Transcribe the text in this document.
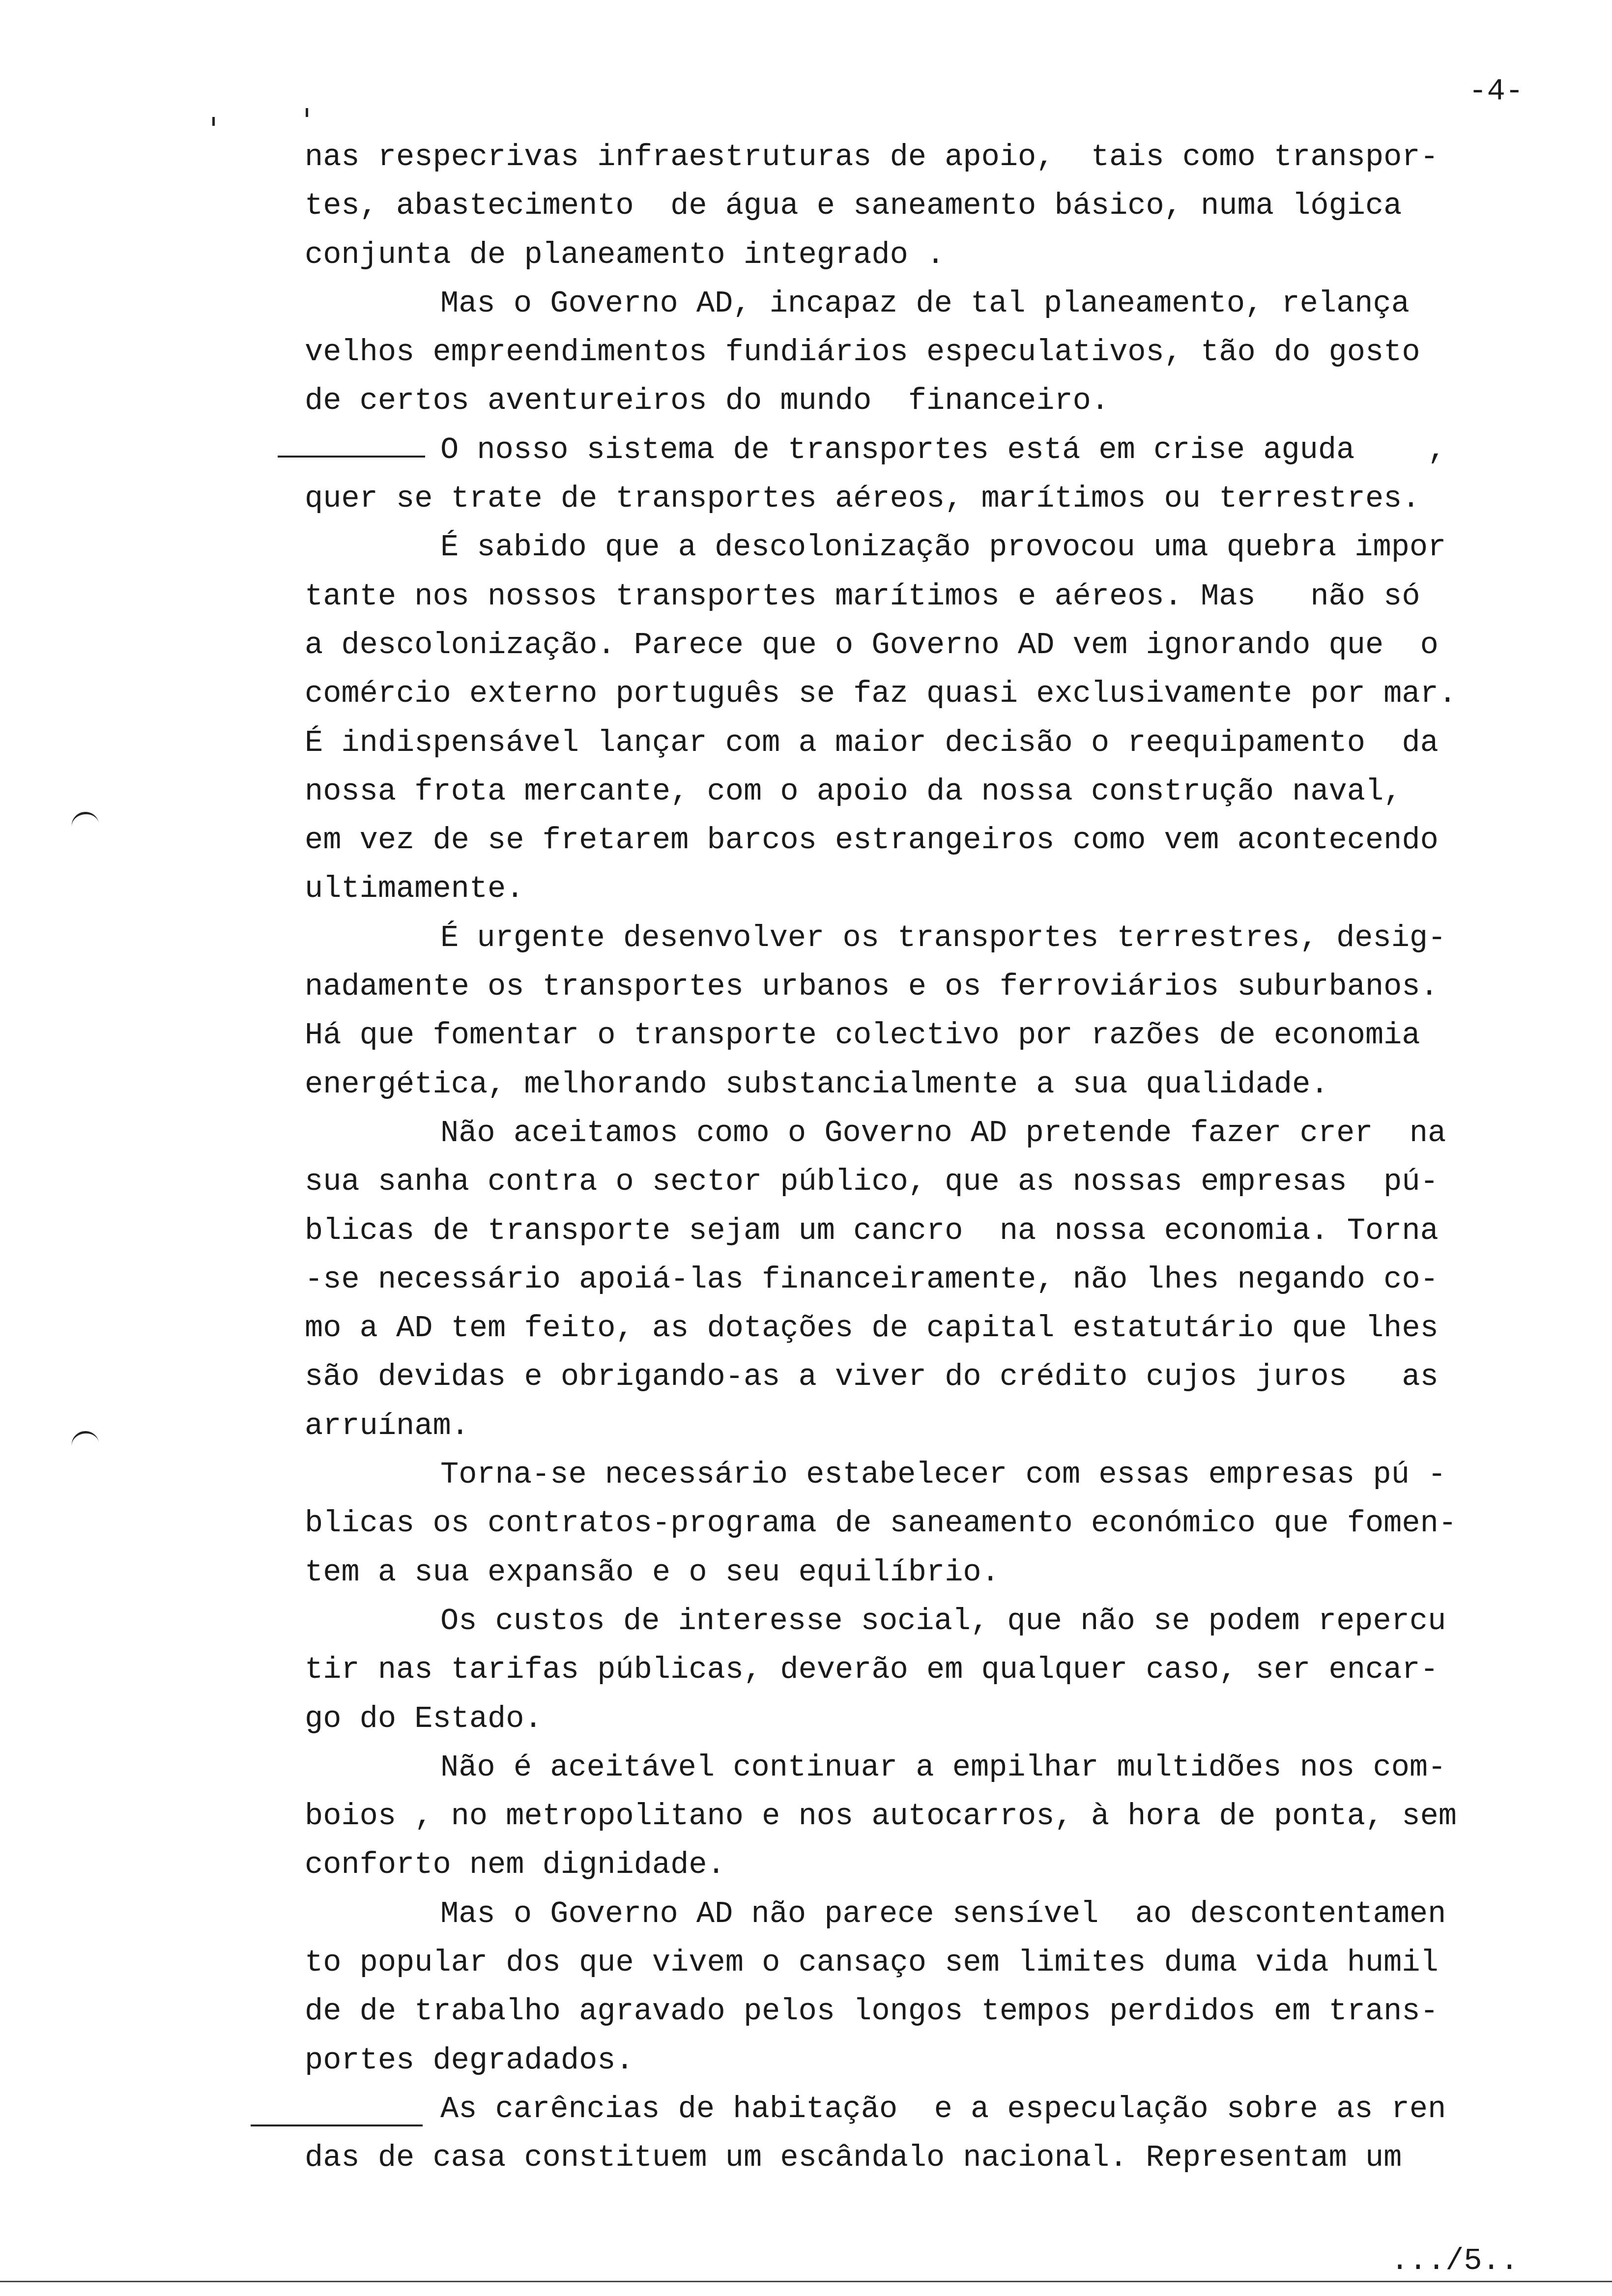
-4-
nas respecrivas infraestruturas de apoio,  tais como transpor-
tes, abastecimento  de água e saneamento básico, numa lógica
conjunta de planeamento integrado .
Mas o Governo AD, incapaz de tal planeamento, relança
velhos empreendimentos fundiários especulativos, tão do gosto
de certos aventureiros do mundo  financeiro.
O nosso sistema de transportes está em crise aguda    ,
quer se trate de transportes aéreos, marítimos ou terrestres.
É sabido que a descolonização provocou uma quebra impor
tante nos nossos transportes marítimos e aéreos. Mas   não só
a descolonização. Parece que o Governo AD vem ignorando que  o
comércio externo português se faz quasi exclusivamente por mar.
É indispensável lançar com a maior decisão o reequipamento  da
nossa frota mercante, com o apoio da nossa construção naval,
em vez de se fretarem barcos estrangeiros como vem acontecendo
ultimamente.
É urgente desenvolver os transportes terrestres, desig-
nadamente os transportes urbanos e os ferroviários suburbanos.
Há que fomentar o transporte colectivo por razões de economia
energética, melhorando substancialmente a sua qualidade.
Não aceitamos como o Governo AD pretende fazer crer  na
sua sanha contra o sector público, que as nossas empresas  pú-
blicas de transporte sejam um cancro  na nossa economia. Torna
-se necessário apoiá-las financeiramente, não lhes negando co-
mo a AD tem feito, as dotações de capital estatutário que lhes
são devidas e obrigando-as a viver do crédito cujos juros   as
arruínam.
Torna-se necessário estabelecer com essas empresas pú -
blicas os contratos-programa de saneamento económico que fomen-
tem a sua expansão e o seu equilíbrio.
Os custos de interesse social, que não se podem repercu
tir nas tarifas públicas, deverão em qualquer caso, ser encar-
go do Estado.
Não é aceitável continuar a empilhar multidões nos com-
boios , no metropolitano e nos autocarros, à hora de ponta, sem
conforto nem dignidade.
Mas o Governo AD não parece sensível  ao descontentamen
to popular dos que vivem o cansaço sem limites duma vida humil
de de trabalho agravado pelos longos tempos perdidos em trans-
portes degradados.
As carências de habitação  e a especulação sobre as ren
das de casa constituem um escândalo nacional. Representam um
.../5..
